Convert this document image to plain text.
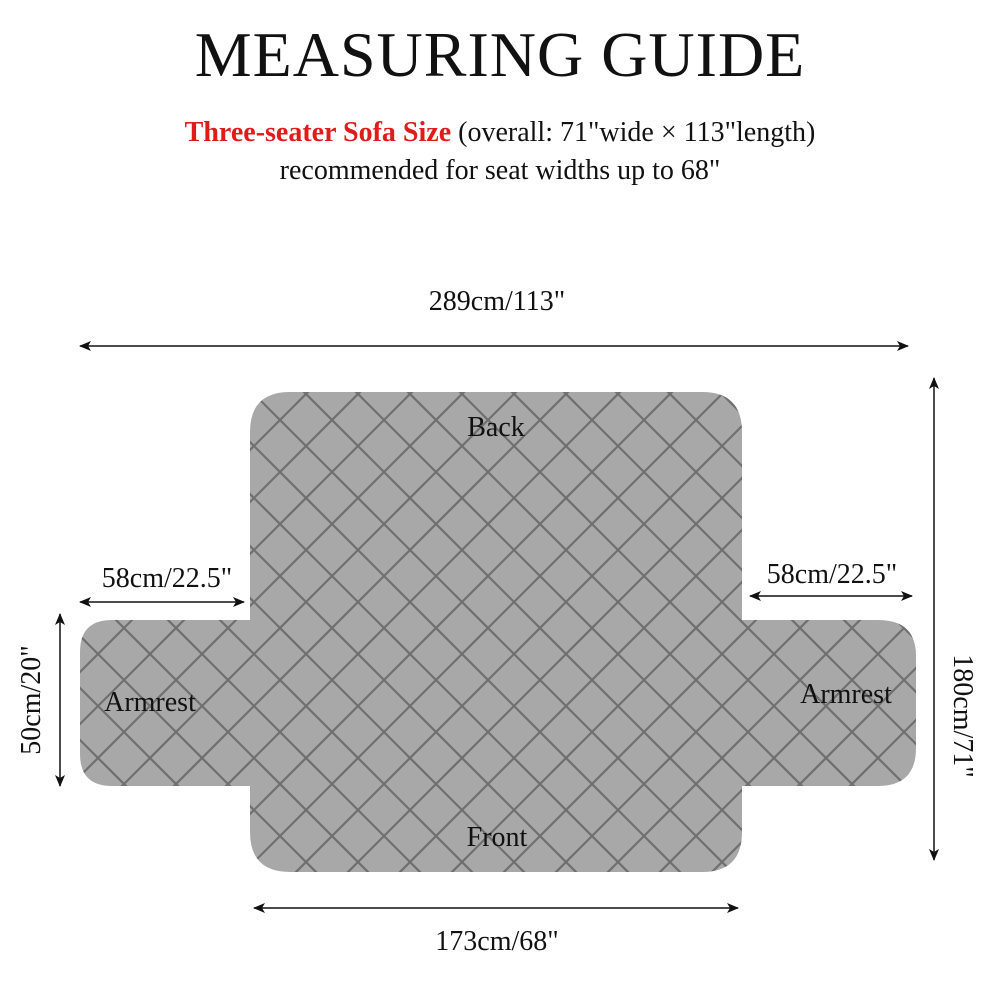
MEASURING GUIDE
Three-seater Sofa Size (overall: 71"wide × 113"length)
recommended for seat widths up to 68"
Back
Front
Armrest	Armrest
289cm/113"
58cm/22.5"	58cm/22.5"
50cm/20"	180cm/71"
173cm/68"
